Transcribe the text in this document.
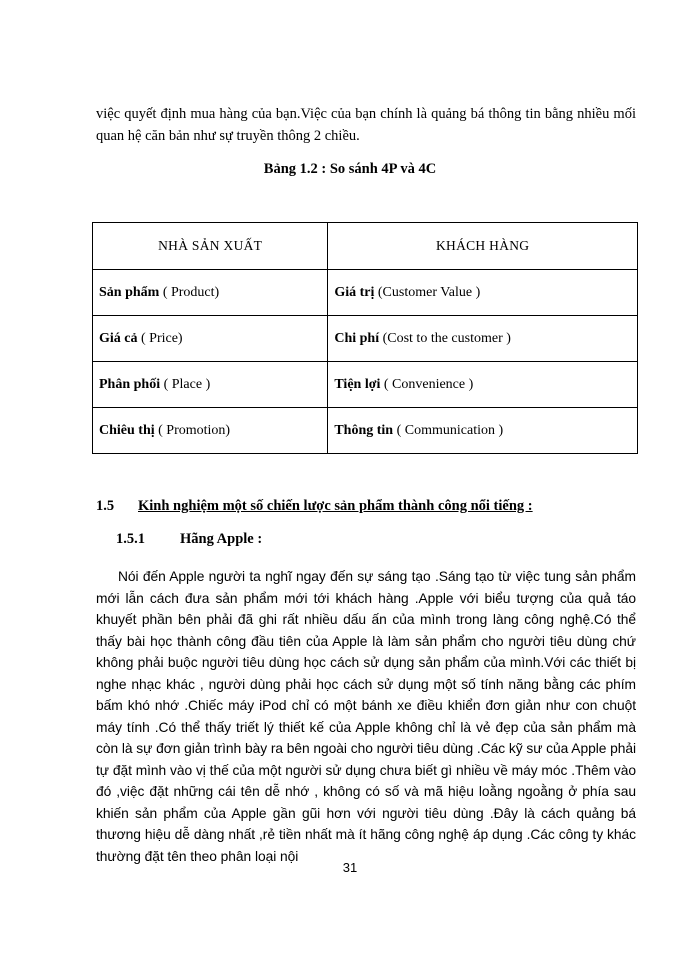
việc quyết định mua hàng của bạn.Việc của bạn chính là quảng bá thông tin bằng nhiều mối quan hệ căn bản như sự truyền thông 2 chiều.

Bảng 1.2 : So sánh 4P và 4C
NHÀ SẢN XUẤT	KHÁCH HÀNG
Sản phẩm ( Product)	Giá trị (Customer Value )
Giá cả ( Price)	Chi phí (Cost to the customer )
Phân phối ( Place )	Tiện lợi ( Convenience )
Chiêu thị ( Promotion)	Thông tin ( Communication )
1.5 Kinh nghiệm một số chiến lược sản phẩm thành công nổi tiếng :
1.5.1 Hãng Apple :

Nói đến Apple người ta nghĩ ngay đến sự sáng tạo .Sáng tạo từ việc tung sản phẩm mới lẫn cách đưa sản phẩm mới tới khách hàng .Apple với biểu tượng của quả táo khuyết phần bên phải đã ghi rất nhiều dấu ấn của mình trong làng công nghệ.Có thể thấy bài học thành công đầu tiên của Apple là làm sản phẩm cho người tiêu dùng chứ không phải buộc người tiêu dùng học cách sử dụng sản phẩm của mình.Với các thiết bị nghe nhạc khác , người dùng phải học cách sử dụng một số tính năng bằng các phím bấm khó nhớ .Chiếc máy iPod chỉ có một bánh xe điều khiển đơn giản như con chuột máy tính .Có thể thấy triết lý thiết kế của Apple không chỉ là vẻ đẹp của sản phẩm mà còn là sự đơn giản trình bày ra bên ngoài cho người tiêu dùng .Các kỹ sư của Apple phải tự đặt mình vào vị thế của một người sử dụng chưa biết gì nhiều về máy móc .Thêm vào đó ,việc đặt những cái tên dễ nhớ , không có số và mã hiệu loằng ngoằng ở phía sau khiến sản phẩm của Apple gần gũi hơn với người tiêu dùng .Đây là cách quảng bá thương hiệu dễ dàng nhất ,rẻ tiền nhất mà ít hãng công nghệ áp dụng .Các công ty khác thường đặt tên theo phân loại nội

31
